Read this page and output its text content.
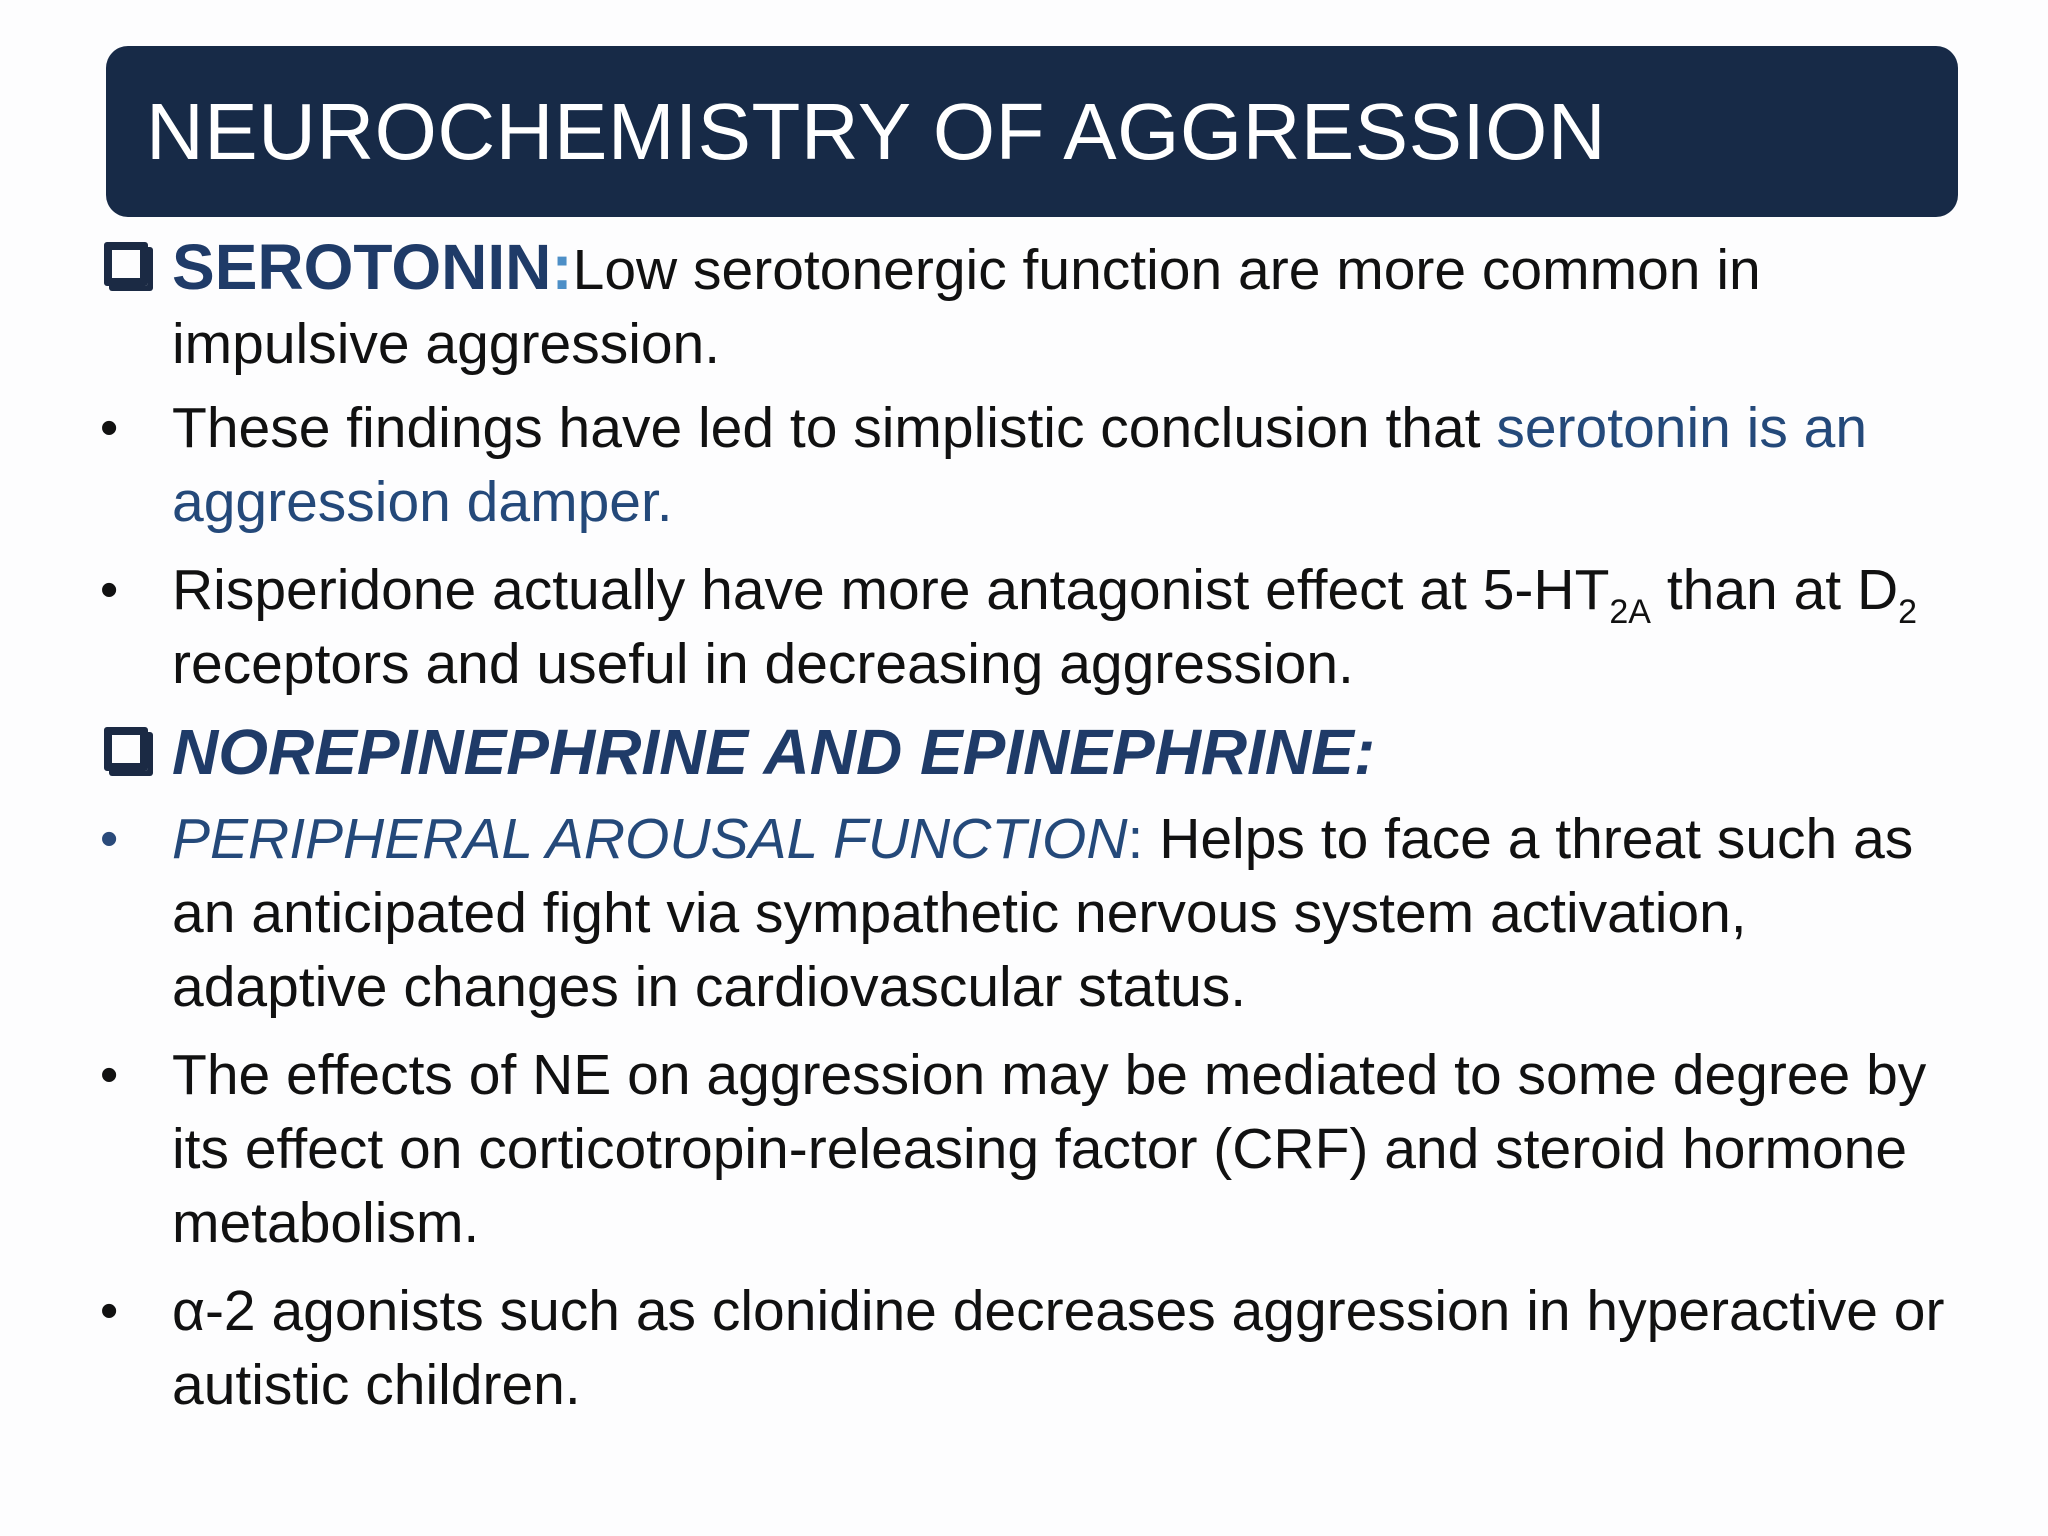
NEUROCHEMISTRY OF AGGRESSION
SEROTONIN:Low serotonergic function are more common in impulsive aggression.
• These findings have led to simplistic conclusion that serotonin is an aggression damper.
• Risperidone actually have more antagonist effect at $5-HT_{2A}$ than at $D_2$ receptors and useful in decreasing aggression.
NOREPINEPHRINE AND EPINEPHRINE:
• PERIPHERAL AROUSAL FUNCTION: Helps to face a threat such as an anticipated fight via sympathetic nervous system activation, adaptive changes in cardiovascular status.
• The effects of NE on aggression may be mediated to some degree by its effect on corticotropin-releasing factor (CRF) and steroid hormone metabolism.
• α-2 agonists such as clonidine decreases aggression in hyperactive or autistic children.
